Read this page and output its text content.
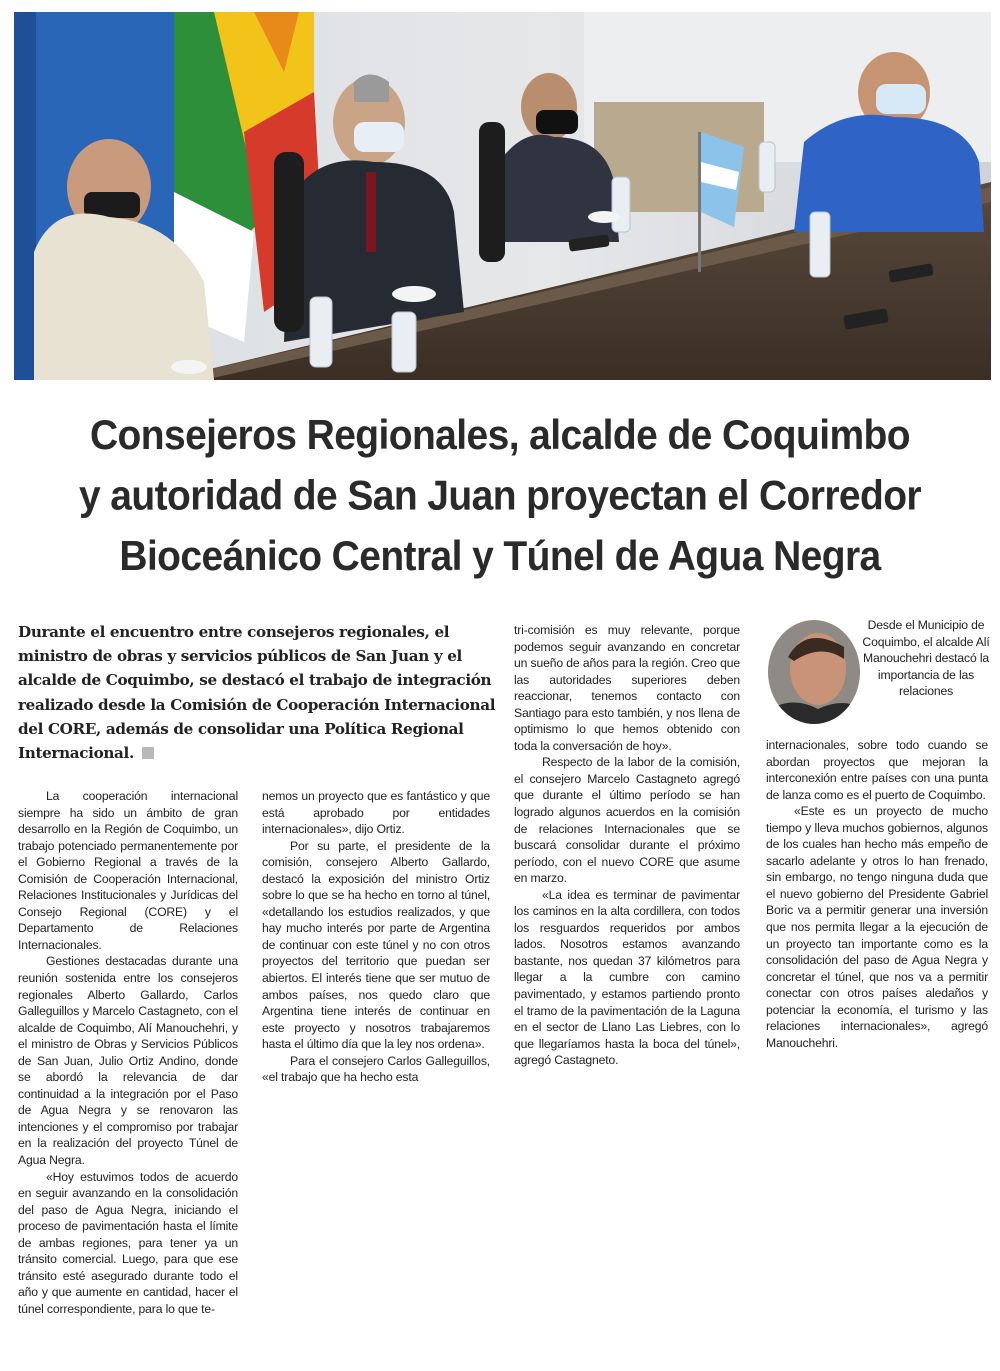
Consejeros Regionales, alcalde de Coquimbo
y autoridad de San Juan proyectan el Corredor
Bioceánico Central y Túnel de Agua Negra
Durante el encuentro entre consejeros regionales, el ministro de obras y servicios públicos de San Juan y el alcalde de Coquimbo, se destacó el trabajo de integración realizado desde la Comisión de Cooperación Internacional del CORE, además de consolidar una Política Regional Internacional.

La cooperación internacional siempre ha sido un ámbito de gran desarrollo en la Región de Coquimbo, un trabajo potenciado permanentemente por el Gobierno Regional a través de la Comisión de Cooperación Internacional, Relaciones Institucionales y Jurídicas del Consejo Regional (CORE) y el Departamento de Relaciones Internacionales.

Gestiones destacadas durante una reunión sostenida entre los consejeros regionales Alberto Gallardo, Carlos Galleguillos y Marcelo Castagneto, con el alcalde de Coquimbo, Alí Manouchehri, y el ministro de Obras y Servicios Públicos de San Juan, Julio Ortiz Andino, donde se abordó la relevancia de dar continuidad a la integración por el Paso de Agua Negra y se renovaron las intenciones y el compromiso por trabajar en la realización del proyecto Túnel de Agua Negra.

«Hoy estuvimos todos de acuerdo en seguir avanzando en la consolidación del paso de Agua Negra, iniciando el proceso de pavimentación hasta el límite de ambas regiones, para tener ya un tránsito comercial. Luego, para que ese tránsito esté asegurado durante todo el año y que aumente en cantidad, hacer el túnel correspondiente, para lo que te-

nemos un proyecto que es fantástico y que está aprobado por entidades internacionales», dijo Ortiz.

Por su parte, el presidente de la comisión, consejero Alberto Gallardo, destacó la exposición del ministro Ortiz sobre lo que se ha hecho en torno al túnel, «detallando los estudios realizados, y que hay mucho interés por parte de Argentina de continuar con este túnel y no con otros proyectos del territorio que puedan ser abiertos. El interés tiene que ser mutuo de ambos países, nos quedo claro que Argentina tiene interés de continuar en este proyecto y nosotros trabajaremos hasta el último día que la ley nos ordena».

Para el consejero Carlos Galleguillos, «el trabajo que ha hecho esta

tri-comisión es muy relevante, porque podemos seguir avanzando en concretar un sueño de años para la región. Creo que las autoridades superiores deben reaccionar, tenemos contacto con Santiago para esto también, y nos llena de optimismo lo que hemos obtenido con toda la conversación de hoy».

Respecto de la labor de la comisión, el consejero Marcelo Castagneto agregó que durante el último período se han logrado algunos acuerdos en la comisión de relaciones Internacionales que se buscará consolidar durante el próximo período, con el nuevo CORE que asume en marzo.

«La idea es terminar de pavimentar los caminos en la alta cordillera, con todos los resguardos requeridos por ambos lados. Nosotros estamos avanzando bastante, nos quedan 37 kilómetros para llegar a la cumbre con camino pavimentado, y estamos partiendo pronto el tramo de la pavimentación de la Laguna en el sector de Llano Las Liebres, con lo que llegaríamos hasta la boca del túnel», agregó Castagneto.

Desde el Municipio de Coquimbo, el alcalde Alí Manouchehri destacó la importancia de las relaciones

internacionales, sobre todo cuando se abordan proyectos que mejoran la interconexión entre países con una punta de lanza como es el puerto de Coquimbo.

«Este es un proyecto de mucho tiempo y lleva muchos gobiernos, algunos de los cuales han hecho más empeño de sacarlo adelante y otros lo han frenado, sin embargo, no tengo ninguna duda que el nuevo gobierno del Presidente Gabriel Boric va a permitir generar una inversión que nos permita llegar a la ejecución de un proyecto tan importante como es la consolidación del paso de Agua Negra y concretar el túnel, que nos va a permitir conectar con otros países aledaños y potenciar la economía, el turismo y las relaciones internacionales», agregó Manouchehri.
